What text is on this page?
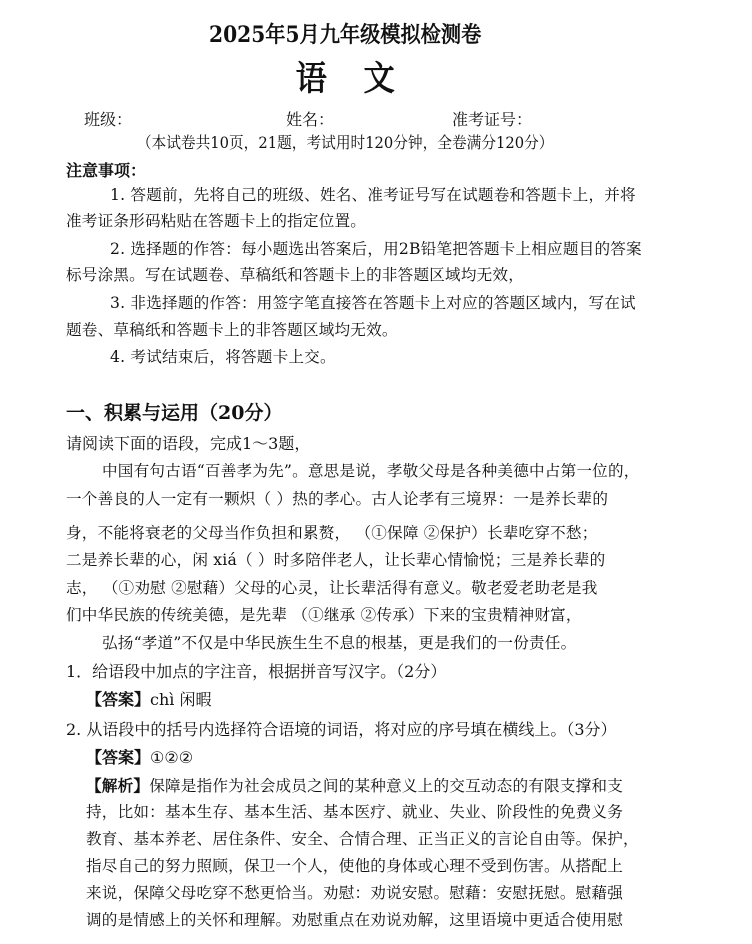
2025年5月九年级模拟检测卷
语文
班级：	姓名：	准考证号：
（本试卷共10页，21题，考试用时120分钟，全卷满分120分）
注意事项：
1. 答题前，先将自己的班级、姓名、准考证号写在试题卷和答题卡上，并将
准考证条形码粘贴在答题卡上的指定位置。
2. 选择题的作答：每小题选出答案后，用2B铅笔把答题卡上相应题目的答案
标号涂黑。写在试题卷、草稿纸和答题卡上的非答题区域均无效，
3. 非选择题的作答：用签字笔直接答在答题卡上对应的答题区域内，写在试
题卷、草稿纸和答题卡上的非答题区域均无效。
4. 考试结束后，将答题卡上交。
一、积累与运用（20分）
请阅读下面的语段，完成1～3题，
中国有句古语“百善孝为先”。意思是说，孝敬父母是各种美德中占第一位的，
一个善良的人一定有一颗炽（ ）热的孝心。古人论孝有三境界：一是养长辈的
身，不能将衰老的父母当作负担和累赘， （①保障 ②保护）长辈吃穿不愁；
二是养长辈的心，闲 xiá（ ）时多陪伴老人，让长辈心情愉悦；三是养长辈的
志， （①劝慰 ②慰藉）父母的心灵，让长辈活得有意义。敬老爱老助老是我
们中华民族的传统美德，是先辈 （①继承 ②传承）下来的宝贵精神财富，
弘扬“孝道”不仅是中华民族生生不息的根基，更是我们的一份责任。
1．给语段中加点的字注音，根据拼音写汉字。（2分）
【答案】chì 闲暇
2. 从语段中的括号内选择符合语境的词语，将对应的序号填在横线上。（3分）
【答案】①②②
【解析】保障是指作为社会成员之间的某种意义上的交互动态的有限支撑和支
持，比如：基本生存、基本生活、基本医疗、就业、失业、阶段性的免费义务
教育、基本养老、居住条件、安全、合情合理、正当正义的言论自由等。保护，
指尽自己的努力照顾，保卫一个人，使他的身体或心理不受到伤害。从搭配上
来说，保障父母吃穿不愁更恰当。劝慰：劝说安慰。慰藉：安慰抚慰。慰藉强
调的是情感上的关怀和理解。劝慰重点在劝说劝解，这里语境中更适合使用慰
